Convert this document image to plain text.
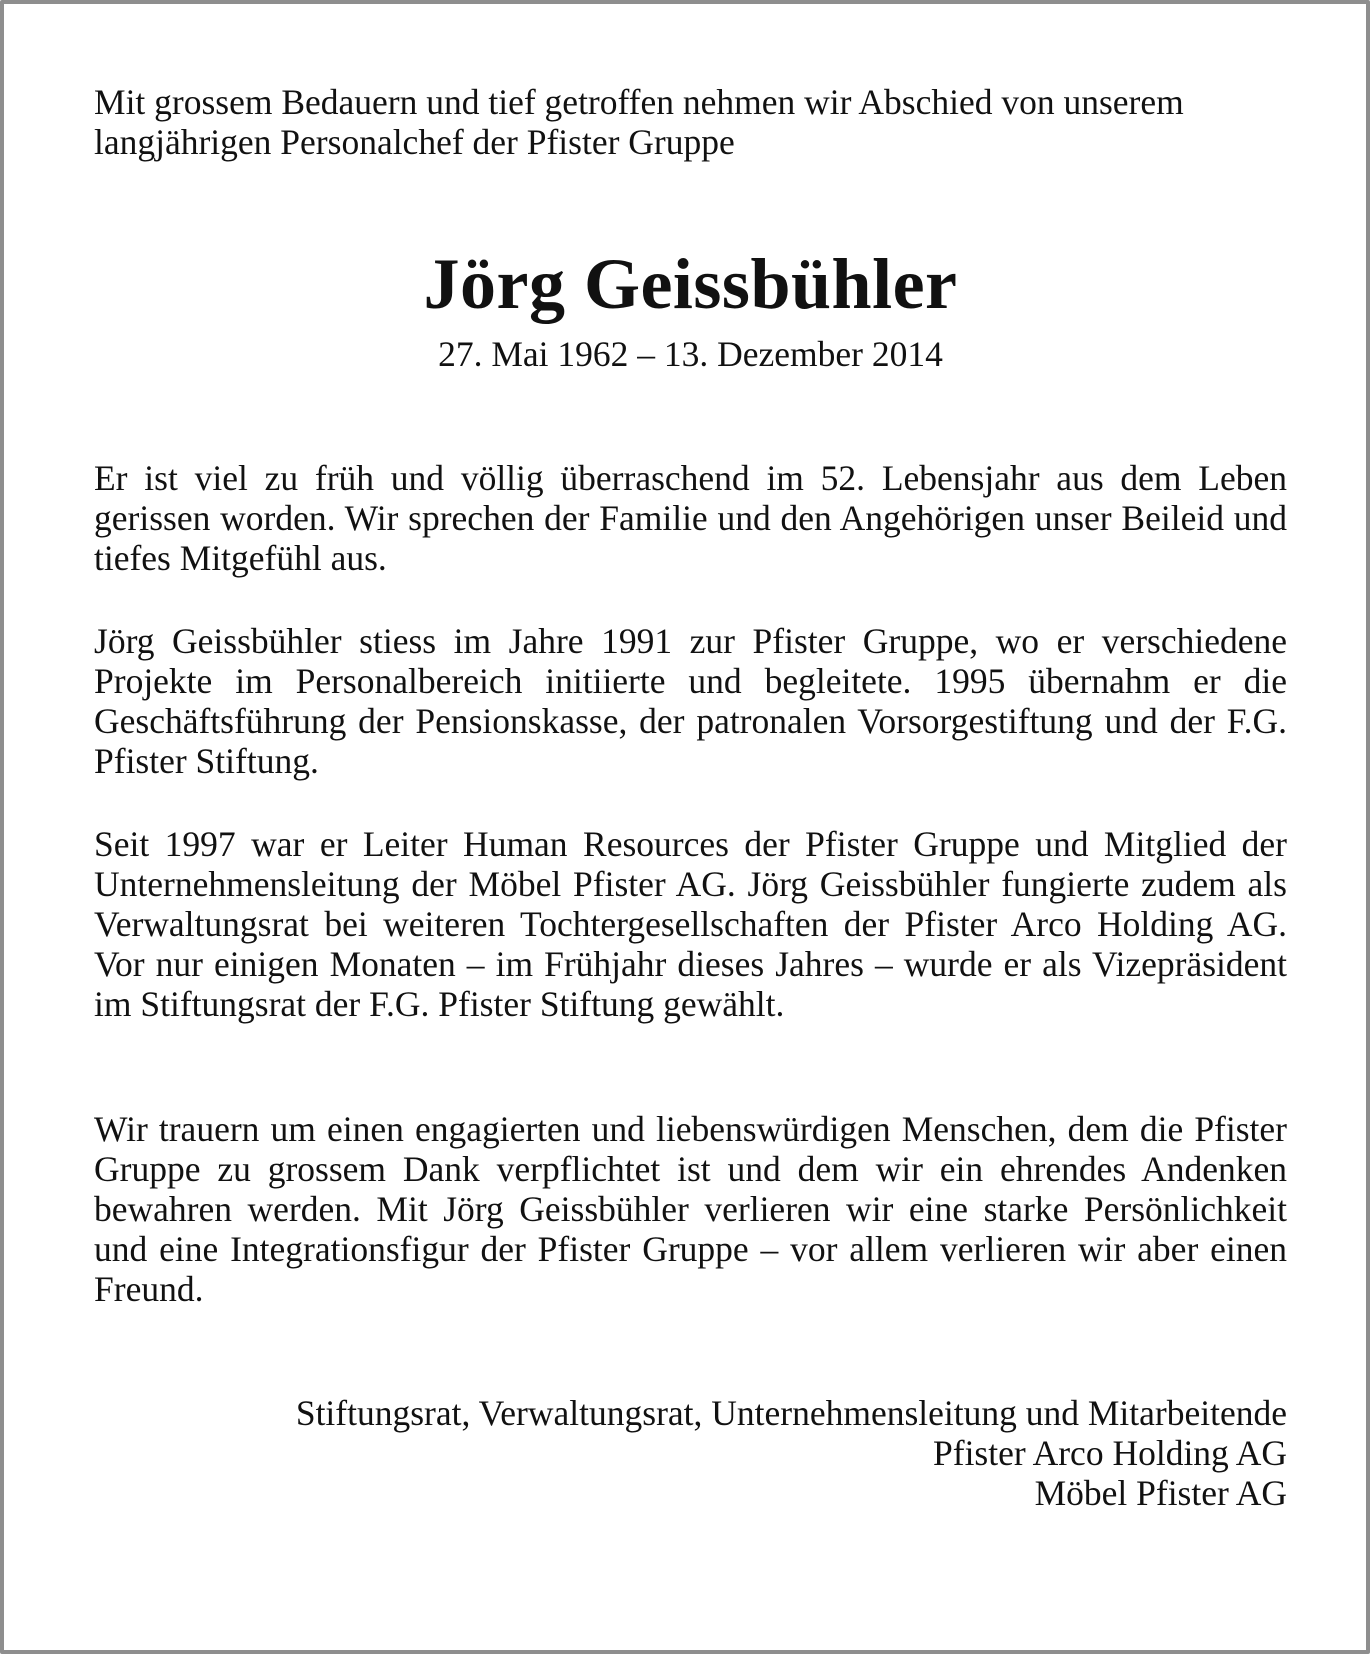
Mit grossem Bedauern und tief getroffen nehmen wir Abschied von unserem langjährigen Personalchef der Pfister Gruppe

Jörg Geissbühler
27. Mai 1962 – 13. Dezember 2014

Er ist viel zu früh und völlig überraschend im 52. Lebensjahr aus dem Leben gerissen worden. Wir sprechen der Familie und den Angehörigen unser Beileid und tiefes Mitgefühl aus.

Jörg Geissbühler stiess im Jahre 1991 zur Pfister Gruppe, wo er verschiedene Projekte im Personalbereich initiierte und begleitete. 1995 übernahm er die Geschäftsführung der Pensionskasse, der patronalen Vorsorgestiftung und der F.G. Pfister Stiftung.

Seit 1997 war er Leiter Human Resources der Pfister Gruppe und Mitglied der Unternehmensleitung der Möbel Pfister AG. Jörg Geissbühler fungierte zudem als Verwaltungsrat bei weiteren Tochtergesellschaften der Pfister Arco Holding AG. Vor nur einigen Monaten – im Frühjahr dieses Jahres – wurde er als Vizepräsident im Stiftungsrat der F.G. Pfister Stiftung gewählt.

Wir trauern um einen engagierten und liebenswürdigen Menschen, dem die Pfister Gruppe zu grossem Dank verpflichtet ist und dem wir ein ehrendes Andenken bewahren werden. Mit Jörg Geissbühler verlieren wir eine starke Persönlichkeit und eine Integrationsfigur der Pfister Gruppe – vor allem verlieren wir aber einen Freund.

Stiftungsrat, Verwaltungsrat, Unternehmensleitung und Mitarbeitende
Pfister Arco Holding AG
Möbel Pfister AG
